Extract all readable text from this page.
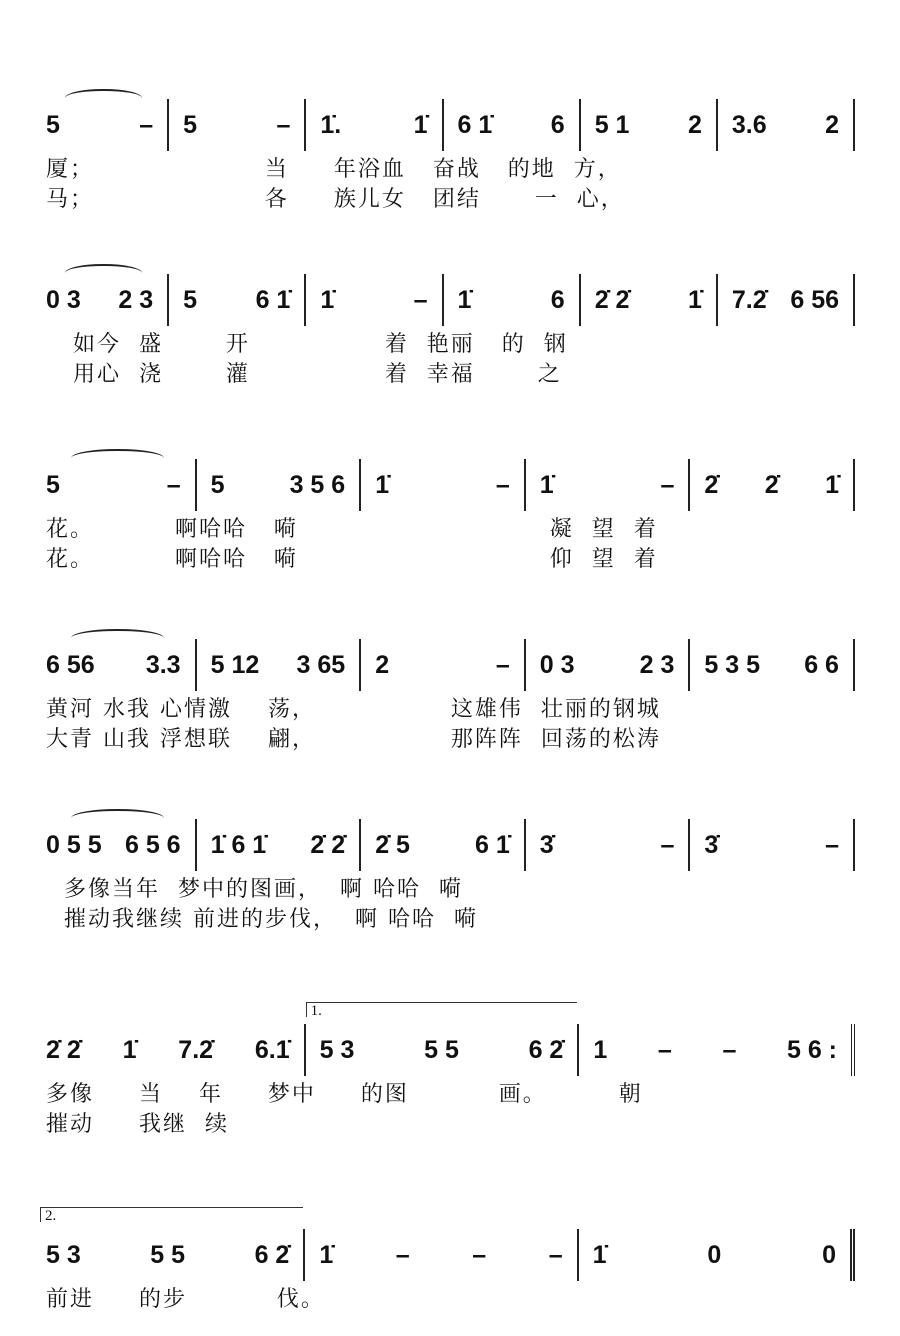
5	– 5	– 1̇.	1̇ 6 1̇ 6 5 1 2 3.6 2
厦；                   当     年浴血   奋战   的地  方，
马；                   各     族儿女   团结      一  心，
0 3 2 3 5 6 1̇ 1̇	– 1̇	6 2̇ 2̇ 1̇ 7.2̇ 6 56
如今  盛       开               着  艳丽   的  钢
用心  浇       灌               着  幸福       之
5	– 5	3 5 6 1̇	– 1̇	– 2̇ 2̇ 1̇
花。         啊哈哈   嗬                            凝  望  着
花。         啊哈哈   嗬                            仰  望  着
6 56 3.3 5 12 3 65 2	– 0 3	2 3 5 3 5 6 6
黄河 水我 心情激    荡，               这雄伟  壮丽的钢城
大青 山我 浮想联    翩，               那阵阵  回荡的松涛
0 5 5 6 5 6 1̇ 6 1̇ 2̇ 2̇ 2̇ 5	6 1̇ 3̇	– 3̇	–
多像当年  梦中的图画，  啊 哈哈  嗬
摧动我继续 前进的步伐，  啊 哈哈  嗬
2̇ 2̇ 1̇ 7.2̇ 6.1̇
1.
5 3	5 5	6 2̇ 1 – – 5 6 :
多像     当    年     梦中     的图          画。        朝
摧动     我继  续
2.
5 3	5 5	6 2̇ 1̇	–	–	– 1̇	0	0
前进     的步          伐。
